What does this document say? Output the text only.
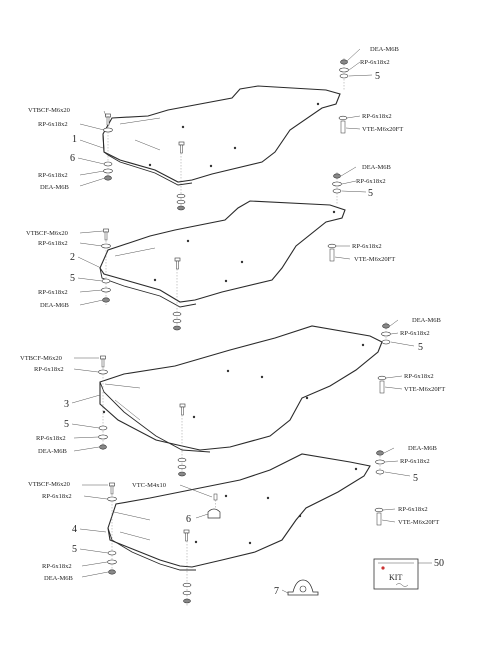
DEA-M6B
RP-6x18x2
5
RP-6x18x2
VTE-M6x20FT
VTBCF-M6x20
RP-6x18x2
1
6
RP-6x18x2
DEA-M6B
DEA-M6B
RP-6x18x2
5
RP-6x18x2
VTE-M6x20FT
VTBCF-M6x20
RP-6x18x2
2
5
RP-6x18x2
DEA-M6B
DEA-M6B
RP-6x18x2
5
RP-6x18x2
VTE-M6x20FT
VTBCF-M6x20
RP-6x18x2
3
5
RP-6x18x2
DEA-M6B	DEA-M6B
RP-6x18x2
5
RP-6x18x2
VTE-M6x20FT
VTBCF-M6x20
RP-6x18x2
VTC-M4x10
6
4
5
RP-6x18x2
DEA-M6B
7
KIT
50
